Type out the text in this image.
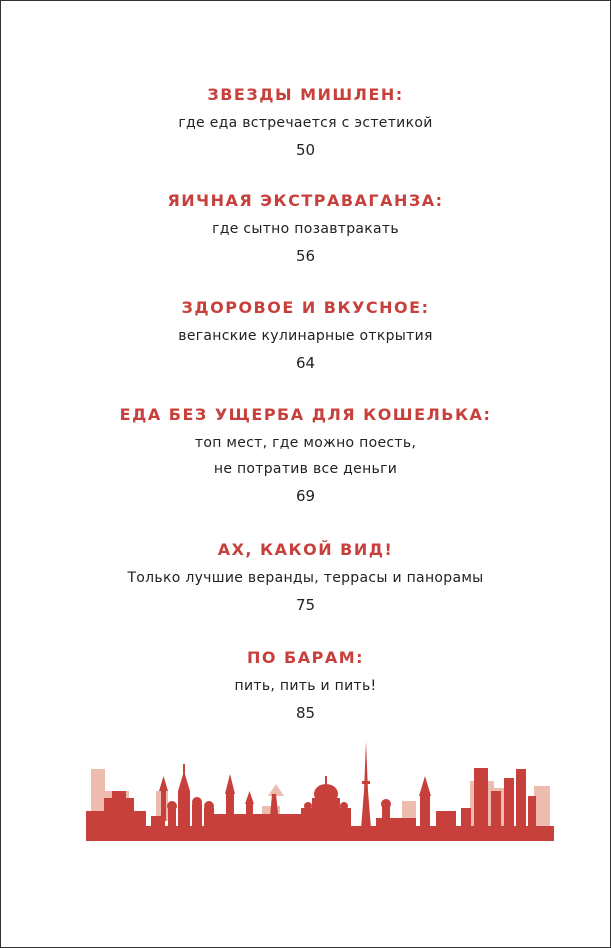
ЗВЕЗДЫ МИШЛЕН:
где еда встречается с эстетикой
50
ЯИЧНАЯ ЭКСТРАВАГАНЗА:
где сытно позавтракать
56
ЗДОРОВОЕ И ВКУСНОЕ:
веганские кулинарные открытия
64
ЕДА БЕЗ УЩЕРБА ДЛЯ КОШЕЛЬКА:
топ мест, где можно поесть,
не потратив все деньги
69
АХ, КАКОЙ ВИД!
Только лучшие веранды, террасы и панорамы
75
ПО БАРАМ:
пить, пить и пить!
85
